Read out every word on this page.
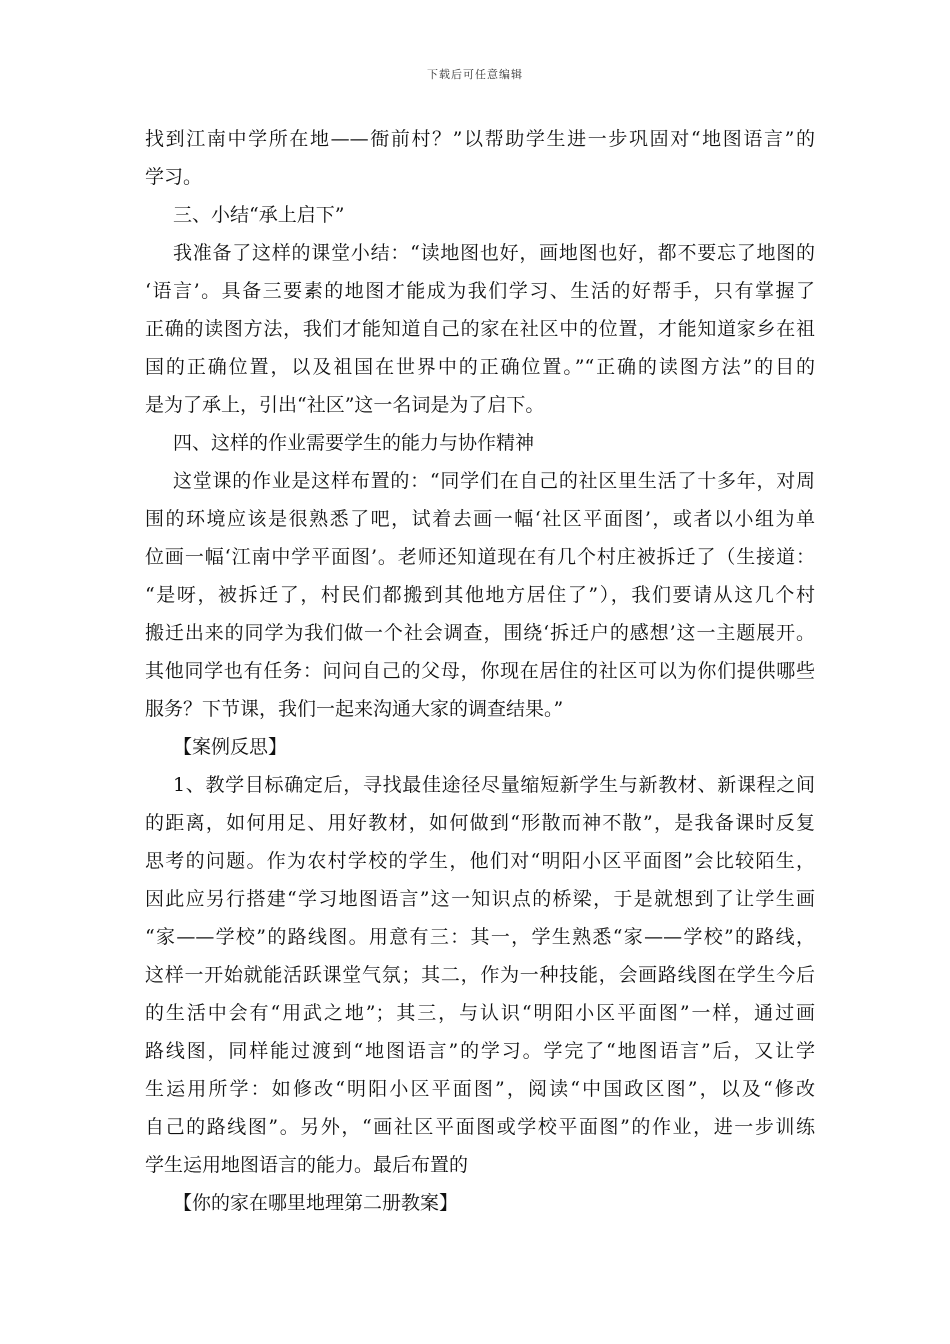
下载后可任意编辑
找到江南中学所在地——衙前村？”以帮助学生进一步巩固对“地图语言”的
学习。
三、小结“承上启下”
我准备了这样的课堂小结：“读地图也好，画地图也好，都不要忘了地图的
‘语言’。具备三要素的地图才能成为我们学习、生活的好帮手，只有掌握了
正确的读图方法，我们才能知道自己的家在社区中的位置，才能知道家乡在祖
国的正确位置，以及祖国在世界中的正确位置。”“正确的读图方法”的目的
是为了承上，引出“社区”这一名词是为了启下。
四、这样的作业需要学生的能力与协作精神
这堂课的作业是这样布置的：“同学们在自己的社区里生活了十多年，对周
围的环境应该是很熟悉了吧，试着去画一幅‘社区平面图’，或者以小组为单
位画一幅‘江南中学平面图’。老师还知道现在有几个村庄被拆迁了（生接道：
“是呀，被拆迁了，村民们都搬到其他地方居住了”），我们要请从这几个村
搬迁出来的同学为我们做一个社会调查，围绕‘拆迁户的感想’这一主题展开。
其他同学也有任务：问问自己的父母，你现在居住的社区可以为你们提供哪些
服务？下节课，我们一起来沟通大家的调查结果。”
【案例反思】
1、教学目标确定后，寻找最佳途径尽量缩短新学生与新教材、新课程之间
的距离，如何用足、用好教材，如何做到“形散而神不散”，是我备课时反复
思考的问题。作为农村学校的学生，他们对“明阳小区平面图”会比较陌生，
因此应另行搭建“学习地图语言”这一知识点的桥梁，于是就想到了让学生画
“家——学校”的路线图。用意有三：其一，学生熟悉“家——学校”的路线，
这样一开始就能活跃课堂气氛；其二，作为一种技能，会画路线图在学生今后
的生活中会有“用武之地”；其三，与认识“明阳小区平面图”一样，通过画
路线图，同样能过渡到“地图语言”的学习。学完了“地图语言”后，又让学
生运用所学：如修改“明阳小区平面图”，阅读“中国政区图”，以及“修改
自己的路线图”。另外，“画社区平面图或学校平面图”的作业，进一步训练
学生运用地图语言的能力。最后布置的
【你的家在哪里地理第二册教案】
